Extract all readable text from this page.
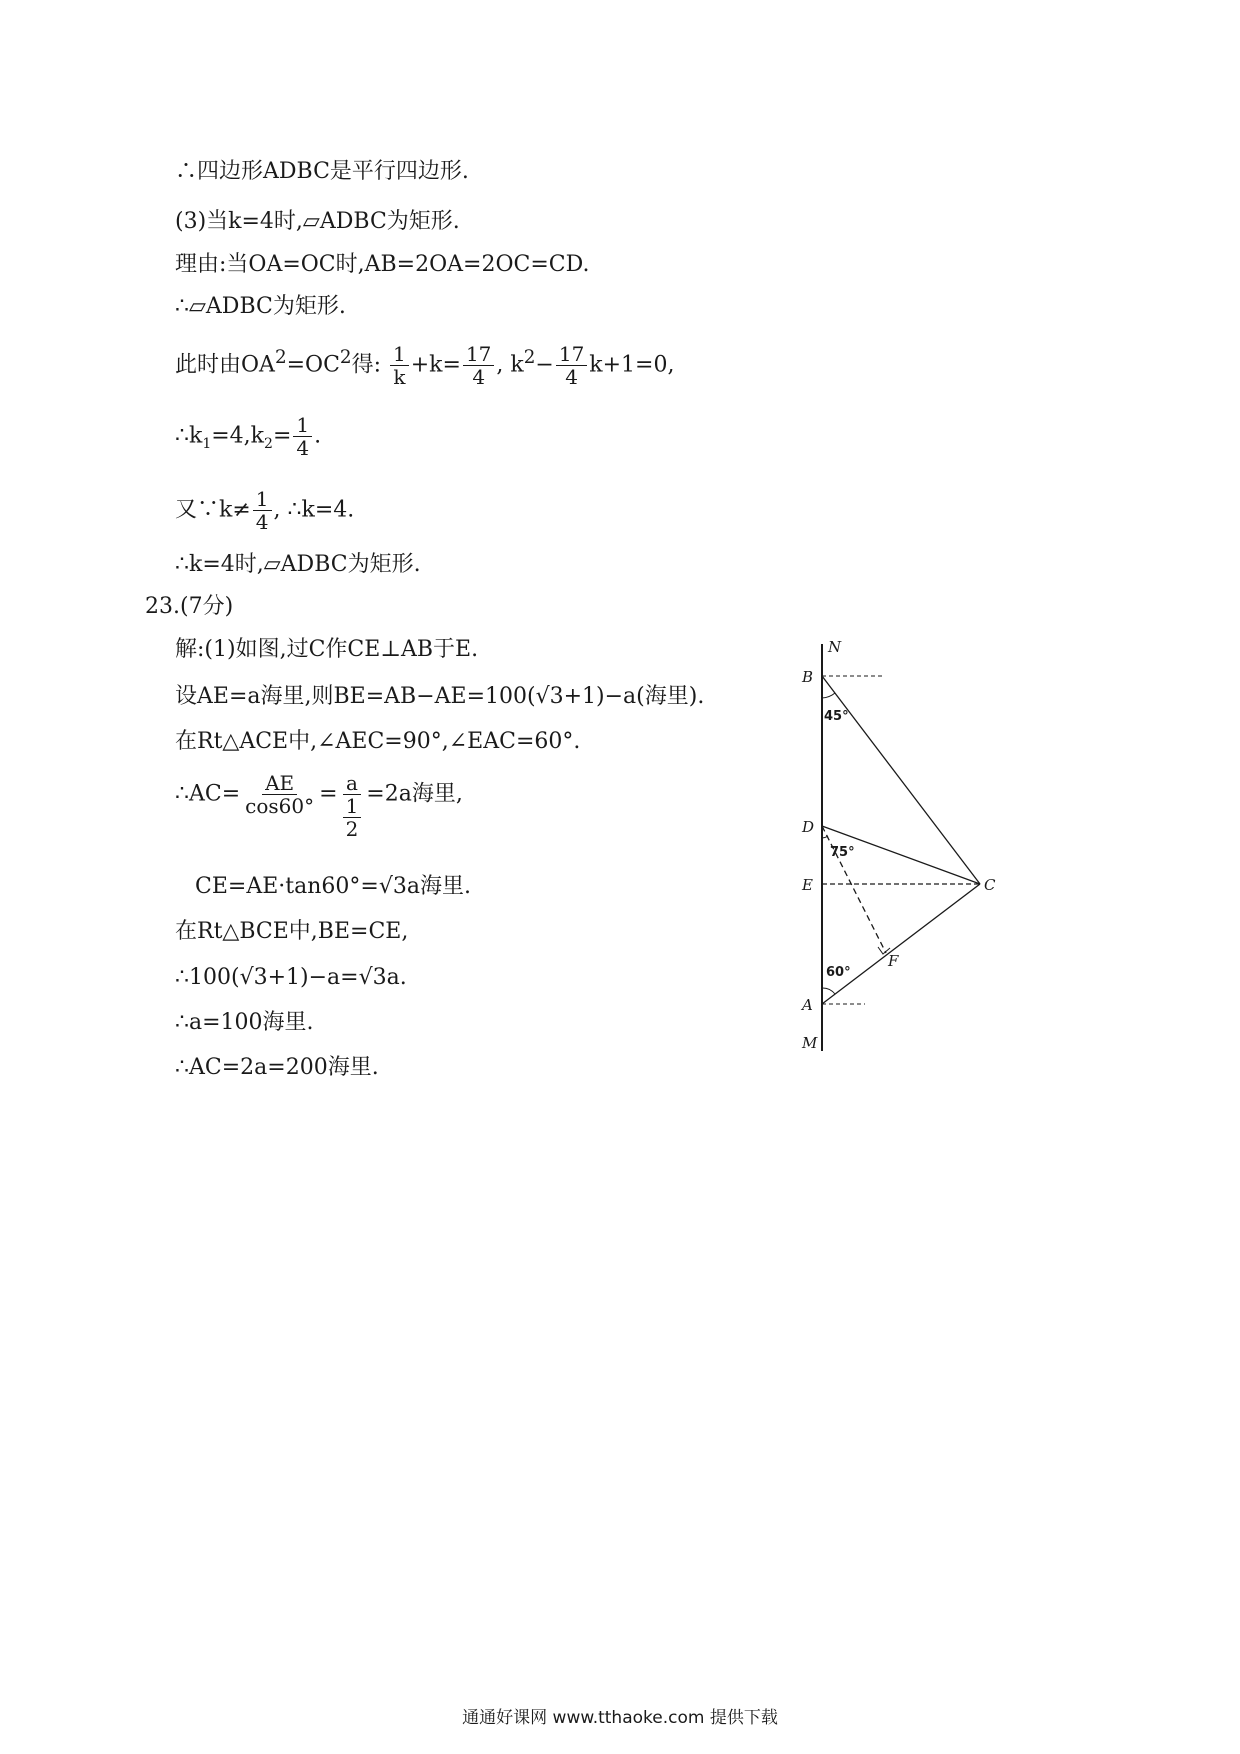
∴四边形ADBC是平行四边形.
(3)当k=4时,▱ADBC为矩形.
理由:当OA=OC时,AB=2OA=2OC=CD.
∴▱ADBC为矩形.
此时由$OA^2=OC^2$得: $\frac{1}{k} +k= \frac{17}{4}$ , $k^2- \frac{17}{4} k+1=0$,
$\therefore k_1=4,k_2= \frac{1}{4}$ .
又∵k≠ $\frac{1}{4}$ , ∴k=4.
∴k=4时,▱ADBC为矩形.
23.(7分)
解:(1)如图,过C作CE⊥AB于E.
设AE=a海里,则BE=AB−AE=100(√3+1)−a(海里).
在Rt△ACE中,∠AEC=90°,∠EAC=60°.
∴AC= $\frac{AE}{\cos 60^\circ} = \frac{a}{\frac{1}{2}} =2a$海里,
CE=AE·tan60°=√3a海里.
在Rt△BCE中,BE=CE,
∴100(√3+1)−a=√3a.
∴a=100海里.
∴AC=2a=200海里.
N
B
D
E
A
M
C
F
45°
75°
60°
通通好课网 www.tthaoke.com 提供下载
